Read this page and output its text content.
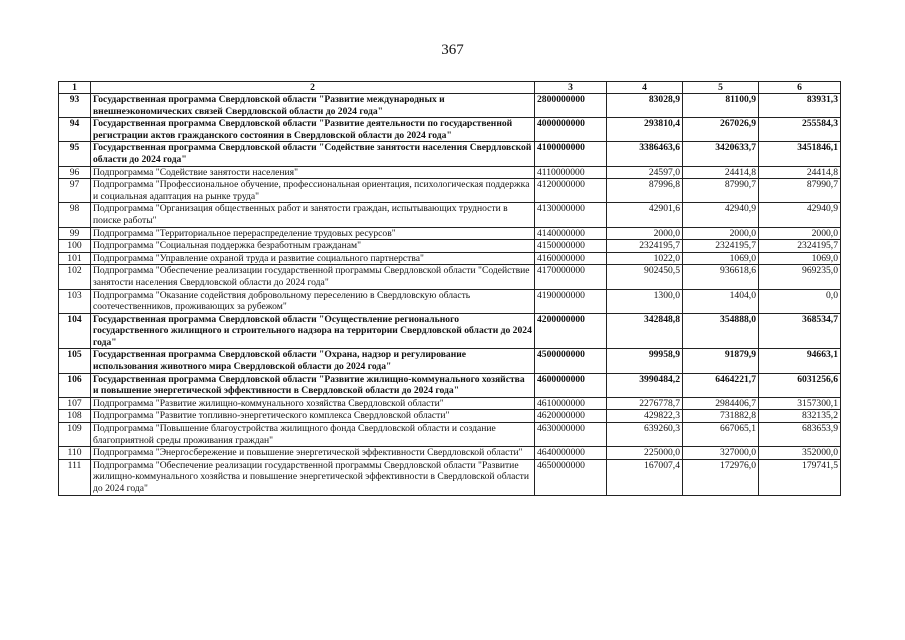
367
1	2	3	4	5	6
93	Государственная программа Свердловской области "Развитие международных и внешнеэкономических связей Свердловской области до 2024 года"	2800000000	83028,9	81100,9	83931,3
94	Государственная программа Свердловской области "Развитие деятельности по государственной регистрации актов гражданского состояния в Свердловской области до 2024 года"	4000000000	293810,4	267026,9	255584,3
95	Государственная программа Свердловской области "Содействие занятости населения Свердловской области до 2024 года"	4100000000	3386463,6	3420633,7	3451846,1
96	Подпрограмма "Содействие занятости населения"	4110000000	24597,0	24414,8	24414,8
97	Подпрограмма "Профессиональное обучение, профессиональная ориентация, психологическая поддержка и социальная адаптация на рынке труда"	4120000000	87996,8	87990,7	87990,7
98	Подпрограмма "Организация общественных работ и занятости граждан, испытывающих трудности в поиске работы"	4130000000	42901,6	42940,9	42940,9
99	Подпрограмма "Территориальное перераспределение трудовых ресурсов"	4140000000	2000,0	2000,0	2000,0
100	Подпрограмма "Социальная поддержка безработным гражданам"	4150000000	2324195,7	2324195,7	2324195,7
101	Подпрограмма "Управление охраной труда и развитие социального партнерства"	4160000000	1022,0	1069,0	1069,0
102	Подпрограмма "Обеспечение реализации государственной программы Свердловской области "Содействие занятости населения Свердловской области до 2024 года"	4170000000	902450,5	936618,6	969235,0
103	Подпрограмма "Оказание содействия добровольному переселению в Свердловскую область соотечественников, проживающих за рубежом"	4190000000	1300,0	1404,0	0,0
104	Государственная программа Свердловской области "Осуществление регионального государственного жилищного и строительного надзора на территории Свердловской области до 2024 года"	4200000000	342848,8	354888,0	368534,7
105	Государственная программа Свердловской области "Охрана, надзор и регулирование использования животного мира Свердловской области до 2024 года"	4500000000	99958,9	91879,9	94663,1
106	Государственная программа Свердловской области "Развитие жилищно-коммунального хозяйства и повышение энергетической эффективности в Свердловской области до 2024 года"	4600000000	3990484,2	6464221,7	6031256,6
107	Подпрограмма "Развитие жилищно-коммунального хозяйства Свердловской области"	4610000000	2276778,7	2984406,7	3157300,1
108	Подпрограмма "Развитие топливно-энергетического комплекса Свердловской области"	4620000000	429822,3	731882,8	832135,2
109	Подпрограмма "Повышение благоустройства жилищного фонда Свердловской области и создание благоприятной среды проживания граждан"	4630000000	639260,3	667065,1	683653,9
110	Подпрограмма "Энергосбережение и повышение энергетической эффективности Свердловской области"	4640000000	225000,0	327000,0	352000,0
111	Подпрограмма "Обеспечение реализации государственной программы Свердловской области "Развитие жилищно-коммунального хозяйства и повышение энергетической эффективности в Свердловской области до 2024 года"	4650000000	167007,4	172976,0	179741,5
